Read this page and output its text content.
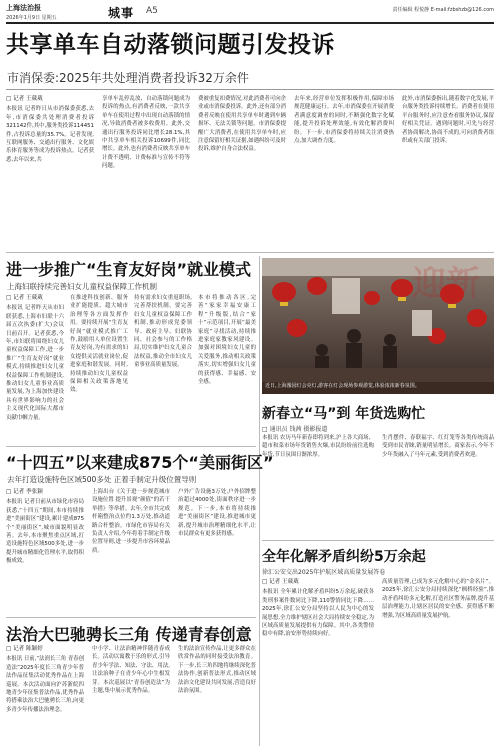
上海法治报
2026年1月9日 星期五	城事 A5	责任编辑 程悦静 E-mail:fzbshzb@126.com
共享单车自动落锁问题引发投诉
市消保委:2025年共处理消费者投诉32万余件
□ 记者 王葳葳
本报讯 记者昨日从市消保委获悉,去年,市消保委共处理消费者投诉321142件,其中,服务类投诉114451件,占投诉总量的35.7%。记者发现,互联网服务、交通出行服务、文化娱乐体育服务等成为投诉热点。记者获悉,去年以来,共
享单车乱停乱放、自动落锁问题成为投诉的热点,有消费者反映,一款共享单车在使用过程中出现自动落锁的情况,导致消费者被多收费用。此外,交通出行服务投诉同比增长28.1%,其中共享单车相关投诉10699件,同比增长。此外,也有消费者反映共享单车计费不透明、计费标准与宣传不符等问题。
费被重复扣费情况,对此消费者可向企业或市消保委投诉。此外,还有部分消费者反映在使用共享单车时遇到车辆损坏、无法关锁等问题。市消保委提醒广大消费者,在使用共享单车时,应注意保留好相关证据,如遇纠纷可及时投诉,维护自身合法权益。
去年来,经营单位发挥积极作用,保障市场规范健康运行。去年,市消保委在开展消费者满意度调查的同时,不断强化数字化赋能,提升投诉处理效能,有效化解消费纠纷。下一步,市消保委将持续关注消费热点,加大调查力度。
此外,市消保委指出,随着数字化发展,平台服务类投诉持续增长。消费者在使用平台服务时,应注意查看服务协议,保留好相关凭证。遇到问题时,可先与经营者协商解决,协商不成的,可向消费者组织或有关部门投诉。
进一步推广“生育友好岗”就业模式
上海妇联持续完善妇女儿童权益保障工作机制
□ 记者 王葳葳
本报讯 记者昨天从市妇联获悉,上海市妇联十六届五次执委(扩大)会议日前召开。记者获悉,今年,市妇联将围绕妇女儿童权益保障工作,进一步推广“生育友好岗”就业模式,持续推进妇女儿童权益保障工作机制建设,推动妇女儿童事业高质量发展,为上海加快建设具有世界影响力的社会主义现代化国际大都市贡献巾帼力量。
在推进科技创新、服务业扩能提质、超大城市治理等各方面发挥作用。要持续开展“生育友好岗”就业模式推广工作,鼓励用人单位设置生育友好岗,为有需求的妇女提供灵活就业岗位,促进家庭和谐发展。同时,持续推动妇女儿童权益保障相关政策落地见效。
持有需求妇女重返职场,完善帮扶机制。要完善妇女儿童权益保障工作机制,推动形成党委领导、政府主导、妇联协同、社会参与的工作格局,切实维护妇女儿童合法权益,推动全市妇女儿童事业高质量发展。
本市将推动各区,完善“家家幸福安康工程”升级版,结合“家十”示范项目,开展“最美家庭”寻找活动,持续推进家庭家教家风建设。加强对困境妇女儿童的关爱服务,推动相关政策落实,切实增强妇女儿童的获得感、幸福感、安全感。
迎新
近日,上海豫园灯会亮灯,游客在灯会现场参观游览,体验浓浓新春氛围。
新春立“马”到 年货选购忙
□ 通讯员 钱茜 摄影报道
本报讯 农历马年新春即将到来,沪上各大商场、超市和菜市场年货销售火爆,市民纷纷前往选购年货,节日氛围日渐浓厚。
生肖摆件、春联福字、红灯笼等各类传统商品受到市民青睐,销量明显增长。商家表示,今年不少年货融入了马年元素,受到消费者欢迎。
“十四五”以来建成875个“美丽街区”
去年打造设施特色区域500多处 正着手制定升级位置导则
□ 记者 季张颖
本报讯 记者日前从市绿化市容局获悉,“十四五”期间,本市持续推进“美丽街区”建设,累计建成875个“美丽街区”,城市面貌明显改善。去年,本市聚焦重点区域,打造设施特色区域500多处,进一步提升城市精细化管理水平,取得积极成效。
上海出台《关于进一步规范城市设施位置 提升景观“颜值”的若干举措》等举措。去年,全市共完成杆箱整治点位约1.3万处,推动道路合杆整治。市绿化市容局有关负责人介绍,今年将着手制定升级位置导则,进一步提升市容环境品质。
户外广告设施3万处,户外招牌整治超过4000处,街面秩序进一步规范。下一步,本市将持续推进“美丽街区”建设,推进城市更新,提升城市治理精细化水平,让市民群众有更多获得感。
全年化解矛盾纠纷5万余起
徐汇公安交出2025年护航区域高质量发展答卷
□ 记者 王葳葳
本报讯 全年累计化解矛盾纠纷5万余起,破获各类刑事案件数同比下降,110警情同比下降……2025年,徐汇公安分局坚持以人民为中心的发展思想,全力维护辖区社会大局持续安全稳定,为区域高质量发展提供有力保障。其中,各类警情稳中有降,治安形势持续向好。
高质量管理,已成为多元化解中心的“金名片”。2025年,徐汇公安分局持续深化“枫桥经验”,推动矛盾纠纷多元化解,打造社区警务品牌,提升基层治理能力,让辖区居民的安全感、获得感不断增强,为区域高质量发展护航。
法治大巴驰骋长三角 传递青春创意
□ 记者 陈颖婷
本报讯 日前,“法润长三角 青春创造法”2025年度长三角青少年普法作品征集活动优秀作品在上海巡展。本次活动面向沪苏浙皖四地青少年征集普法作品,优秀作品将搭乘法治大巴驰骋长三角,向更多青少年传播法治理念。
中小学、让法治精神伴随青春成长。活动以寓教于乐的形式,引导青少年学法、知法、守法、用法,让法治种子在青少年心中生根发芽。本次巡展以“青春创造法”为主题,集中展示优秀作品。
生的法治宣传作品,让更多群众在欣赏作品的同时接受法治教育。下一步,长三角四地将继续深化普法协作,创新普法形式,推动区域法治文化建设共同发展,营造良好法治氛围。
